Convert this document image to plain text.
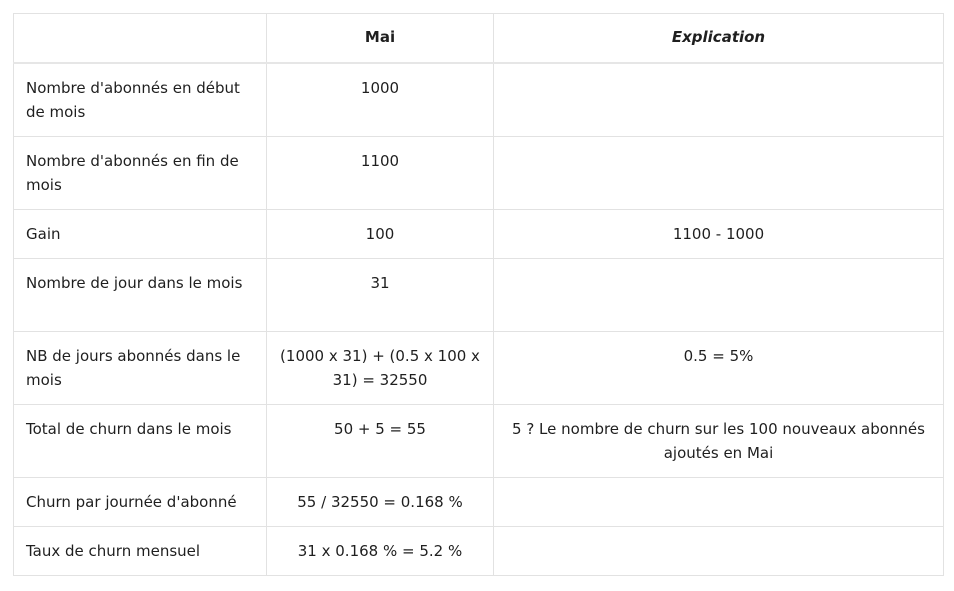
	Mai	Explication
Nombre d'abonnés en début de mois	1000	
Nombre d'abonnés en fin de mois	1100	
Gain	100	1100 - 1000
Nombre de jour dans le mois	31	
NB de jours abonnés dans le mois	(1000 x 31) + (0.5 x 100 x 31) = 32550	0.5 = 5%
Total de churn dans le mois	50 + 5 = 55	5 ? Le nombre de churn sur les 100 nouveaux abonnés ajoutés en Mai
Churn par journée d'abonné	55 / 32550 = 0.168 %	
Taux de churn mensuel	31 x 0.168 % = 5.2 %	
